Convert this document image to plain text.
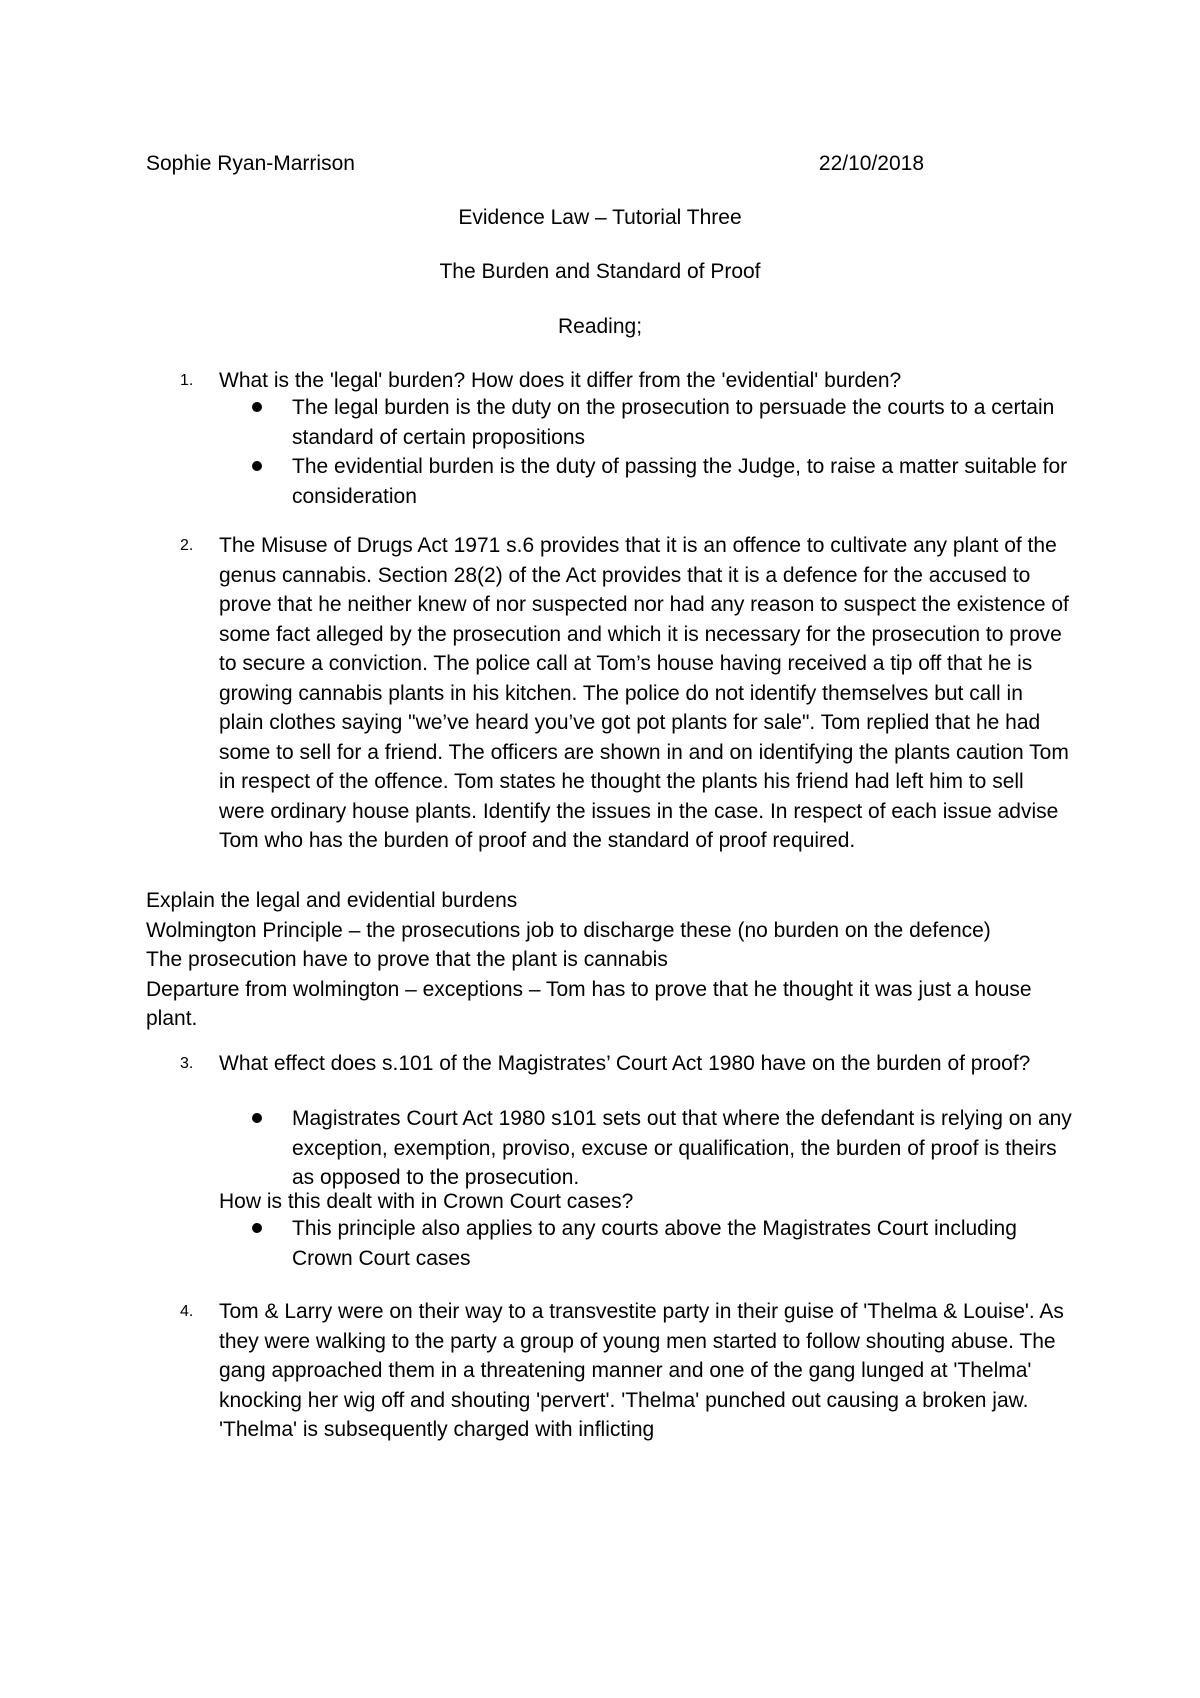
Sophie Ryan-Marrison	22/10/2018
Evidence Law – Tutorial Three
The Burden and Standard of Proof
Reading;
1.	What is the 'legal' burden? How does it differ from the 'evidential' burden?
The legal burden is the duty on the prosecution to persuade the courts to a certain standard of certain propositions
The evidential burden is the duty of passing the Judge, to raise a matter suitable for consideration
2.	The Misuse of Drugs Act 1971 s.6 provides that it is an offence to cultivate any plant of the genus cannabis. Section 28(2) of the Act provides that it is a defence for the accused to prove that he neither knew of nor suspected nor had any reason to suspect the existence of some fact alleged by the prosecution and which it is necessary for the prosecution to prove to secure a conviction. The police call at Tom’s house having received a tip off that he is growing cannabis plants in his kitchen. The police do not identify themselves but call in plain clothes saying "we’ve heard you’ve got pot plants for sale". Tom replied that he had some to sell for a friend. The officers are shown in and on identifying the plants caution Tom in respect of the offence. Tom states he thought the plants his friend had left him to sell were ordinary house plants. Identify the issues in the case. In respect of each issue advise Tom who has the burden of proof and the standard of proof required.

Explain the legal and evidential burdens

Wolmington Principle – the prosecutions job to discharge these (no burden on the defence)

The prosecution have to prove that the plant is cannabis

Departure from wolmington – exceptions – Tom has to prove that he thought it was just a house plant.

3.	What effect does s.101 of the Magistrates’ Court Act 1980 have on the burden of proof?
Magistrates Court Act 1980 s101 sets out that where the defendant is relying on any exception, exemption, proviso, excuse or qualification, the burden of proof is theirs as opposed to the prosecution.
How is this dealt with in Crown Court cases?
This principle also applies to any courts above the Magistrates Court including Crown Court cases
4.	Tom & Larry were on their way to a transvestite party in their guise of 'Thelma & Louise'. As they were walking to the party a group of young men started to follow shouting abuse. The gang approached them in a threatening manner and one of the gang lunged at 'Thelma' knocking her wig off and shouting 'pervert'. 'Thelma' punched out causing a broken jaw. 'Thelma' is subsequently charged with inflicting
